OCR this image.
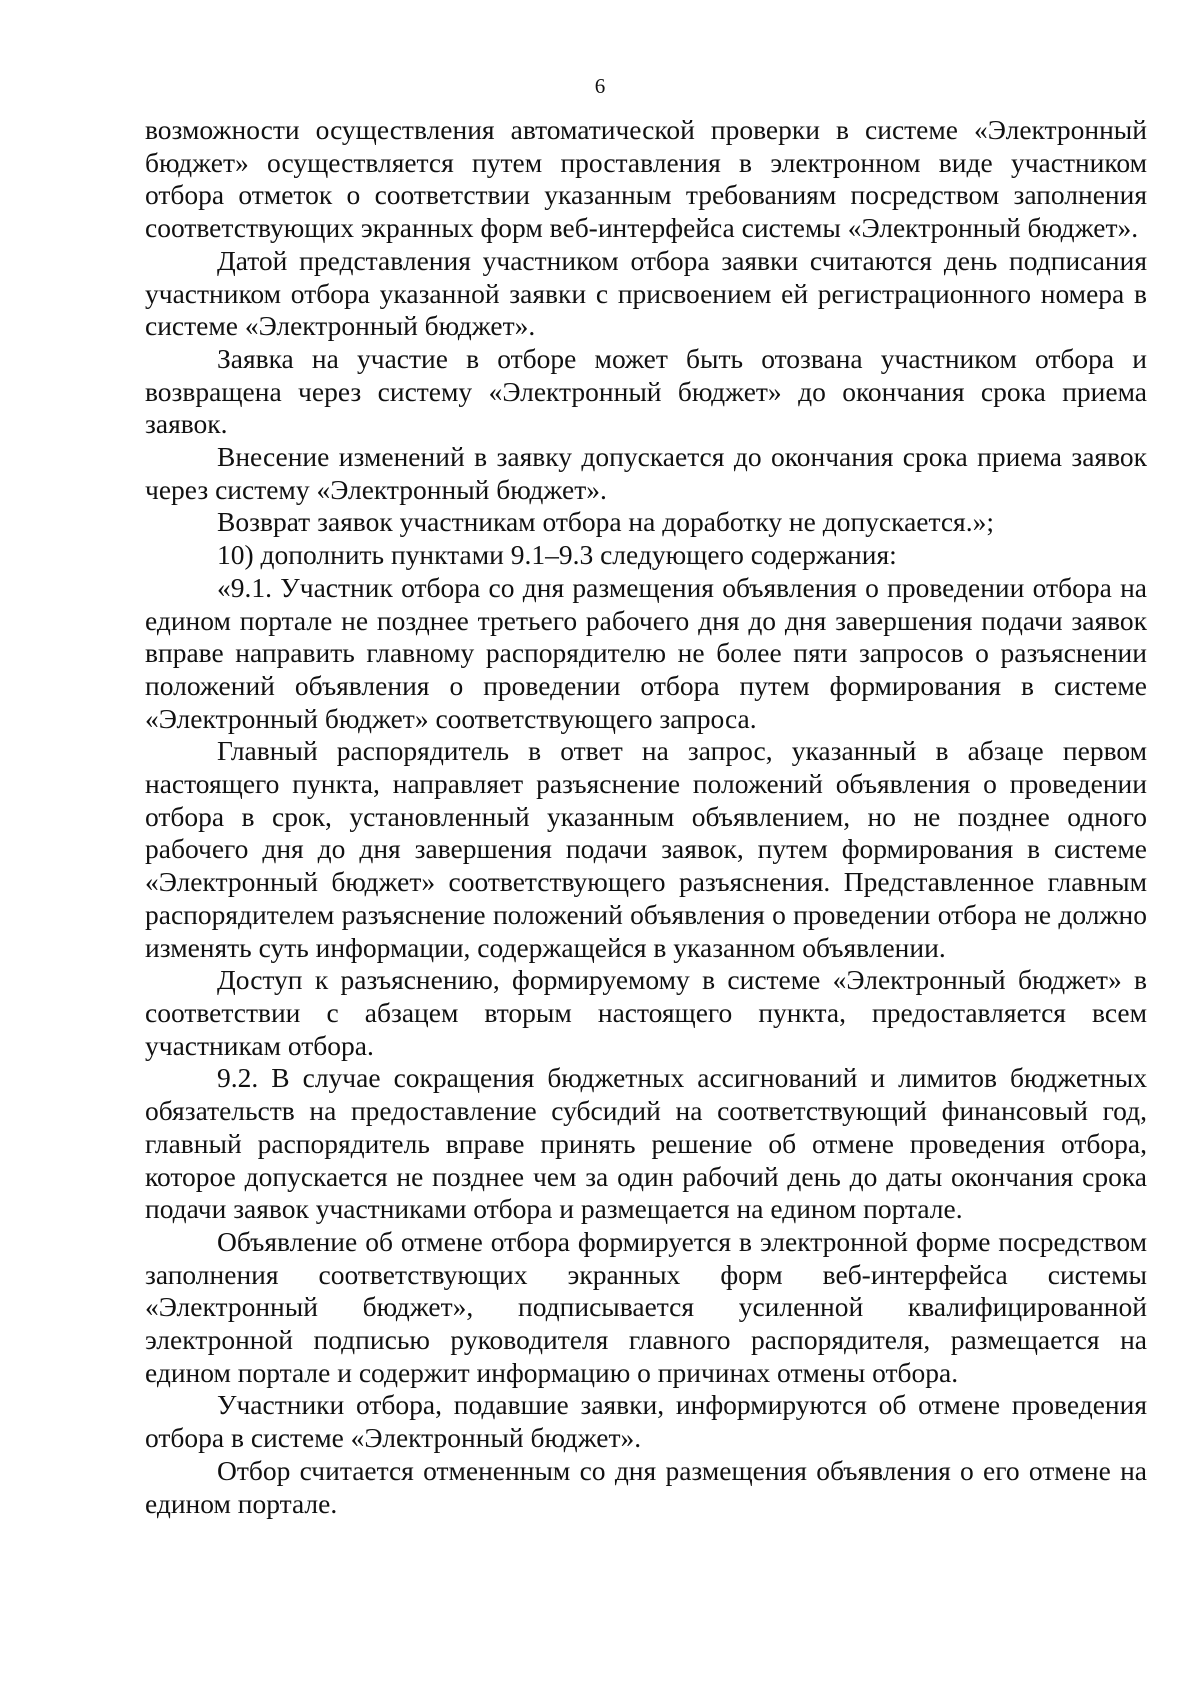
6

возможности осуществления автоматической проверки в системе «Электронный бюджет» осуществляется путем проставления в электронном виде участником отбора отметок о соответствии указанным требованиям посредством заполнения соответствующих экранных форм веб-интерфейса системы «Электронный бюджет».

Датой представления участником отбора заявки считаются день подписания участником отбора указанной заявки с присвоением ей регистрационного номера в системе «Электронный бюджет».

Заявка на участие в отборе может быть отозвана участником отбора и возвращена через систему «Электронный бюджет» до окончания срока приема заявок.

Внесение изменений в заявку допускается до окончания срока приема заявок через систему «Электронный бюджет».

Возврат заявок участникам отбора на доработку не допускается.»;

10) дополнить пунктами 9.1–9.3 следующего содержания:

«9.1. Участник отбора со дня размещения объявления о проведении отбора на едином портале не позднее третьего рабочего дня до дня завершения подачи заявок вправе направить главному распорядителю не более пяти запросов о разъяснении положений объявления о проведении отбора путем формирования в системе «Электронный бюджет» соответствующего запроса.

Главный распорядитель в ответ на запрос, указанный в абзаце первом настоящего пункта, направляет разъяснение положений объявления о проведении отбора в срок, установленный указанным объявлением, но не позднее одного рабочего дня до дня завершения подачи заявок, путем формирования в системе «Электронный бюджет» соответствующего разъяснения. Представленное главным распорядителем разъяснение положений объявления о проведении отбора не должно изменять суть информации, содержащейся в указанном объявлении.

Доступ к разъяснению, формируемому в системе «Электронный бюджет» в соответствии с абзацем вторым настоящего пункта, предоставляется всем участникам отбора.

9.2. В случае сокращения бюджетных ассигнований и лимитов бюджетных обязательств на предоставление субсидий на соответствующий финансовый год, главный распорядитель вправе принять решение об отмене проведения отбора, которое допускается не позднее чем за один рабочий день до даты окончания срока подачи заявок участниками отбора и размещается на едином портале.

Объявление об отмене отбора формируется в электронной форме посредством заполнения соответствующих экранных форм веб-интерфейса системы «Электронный бюджет», подписывается усиленной квалифицированной электронной подписью руководителя главного распорядителя, размещается на едином портале и содержит информацию о причинах отмены отбора.

Участники отбора, подавшие заявки, информируются об отмене проведения отбора в системе «Электронный бюджет».

Отбор считается отмененным со дня размещения объявления о его отмене на едином портале.
